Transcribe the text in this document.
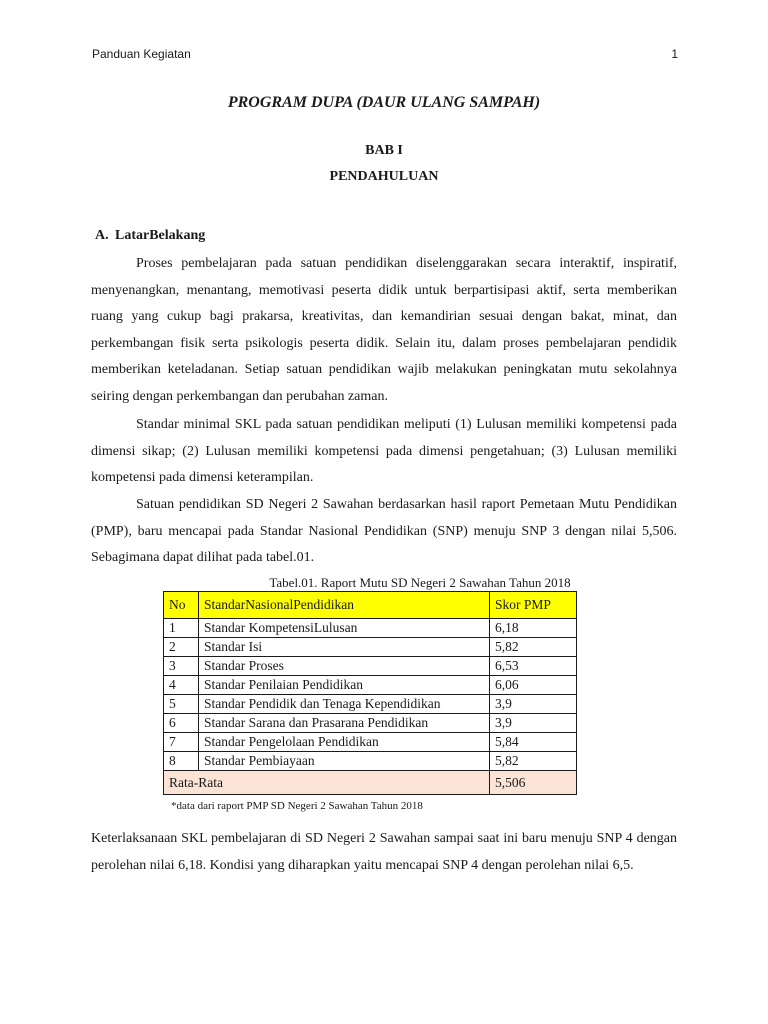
Panduan Kegiatan	1
PROGRAM DUPA (DAUR ULANG SAMPAH)
BAB I
PENDAHULUAN
A. LatarBelakang

Proses pembelajaran pada satuan pendidikan diselenggarakan secara interaktif, inspiratif, menyenangkan, menantang, memotivasi peserta didik untuk berpartisipasi aktif, serta memberikan ruang yang cukup bagi prakarsa, kreativitas, dan kemandirian sesuai dengan bakat, minat, dan perkembangan fisik serta psikologis peserta didik. Selain itu, dalam proses pembelajaran pendidik memberikan keteladanan. Setiap satuan pendidikan wajib melakukan peningkatan mutu sekolahnya seiring dengan perkembangan dan perubahan zaman.

Standar minimal SKL pada satuan pendidikan meliputi (1) Lulusan memiliki kompetensi pada dimensi sikap; (2) Lulusan memiliki kompetensi pada dimensi pengetahuan; (3) Lulusan memiliki kompetensi pada dimensi keterampilan.

Satuan pendidikan SD Negeri 2 Sawahan berdasarkan hasil raport Pemetaan Mutu Pendidikan (PMP), baru mencapai pada Standar Nasional Pendidikan (SNP) menuju SNP 3 dengan nilai 5,506. Sebagimana dapat dilihat pada tabel.01.

Tabel.01. Raport Mutu SD Negeri 2 Sawahan Tahun 2018
No	StandarNasionalPendidikan	Skor PMP
1	Standar KompetensiLulusan	6,18
2	Standar Isi	5,82
3	Standar Proses	6,53
4	Standar Penilaian Pendidikan	6,06
5	Standar Pendidik dan Tenaga Kependidikan	3,9
6	Standar Sarana dan Prasarana Pendidikan	3,9
7	Standar Pengelolaan Pendidikan	5,84
8	Standar Pembiayaan	5,82
Rata-Rata		5,506
*data dari raport PMP SD Negeri 2 Sawahan Tahun 2018

Keterlaksanaan SKL pembelajaran di SD Negeri 2 Sawahan sampai saat ini baru menuju SNP 4 dengan perolehan nilai 6,18. Kondisi yang diharapkan yaitu mencapai SNP 4 dengan perolehan nilai 6,5.
